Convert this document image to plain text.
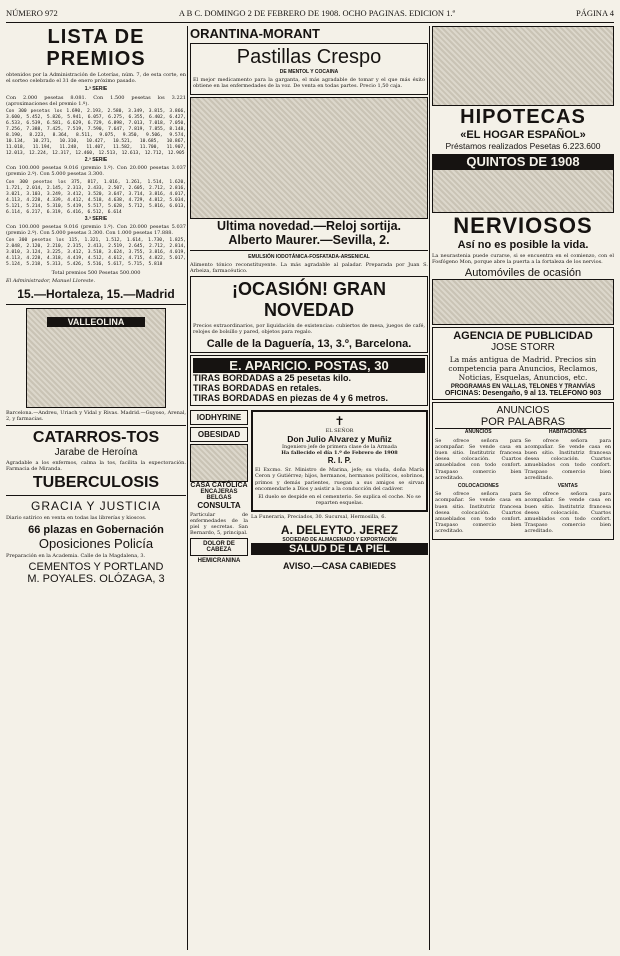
NÚMERO 972	A B C. DOMINGO 2 DE FEBRERO DE 1908. OCHO PAGINAS. EDICION 1.ª	PÁGINA 4
LISTA DE PREMIOS
obtenidos por la Administración de Loterías, núm. 7, de esta corte, en el sorteo celebrado el 31 de enero próximo pasado.
1.ª SERIE
Con 2.000 pesetas 8.081. Con 1.500 pesetas los 3.221 (aproximaciones del premio 1.º).
Con 300 pesetas los 1.690, 2.193, 2.580, 3.349, 3.815, 3.866, 3.600, 5.452, 5.826, 5.941, 6.057, 6.275, 6.355, 6.402, 6.427, 6.533, 6.539, 6.581, 6.629, 6.729, 6.898, 7.013, 7.018, 7.050, 7.256, 7.388, 7.425, 7.519, 7.590, 7.647, 7.819, 7.855, 8.148, 8.190, 8.223, 8.364, 8.511, 9.075, 9.350, 9.506, 9.574, 10.134, 10.271, 10.310, 10.427, 10.521, 10.685, 10.867, 11.018, 11.194, 11.248, 11.407, 11.582, 11.700, 11.907, 12.013, 12.224, 12.317, 12.460, 12.513, 12.613, 12.712, 12.905
2.ª SERIE
Con 100.000 pesetas 9.016 (premio 1.º). Con 20.000 pesetas 3.037 (premio 2.º). Con 5.000 pesetas 3.300.
Con 300 pesetas los 375, 817, 1.016, 1.261, 1.514, 1.620, 1.721, 2.014, 2.145, 2.313, 2.433, 2.507, 2.605, 2.712, 2.816, 3.021, 3.103, 3.249, 3.412, 3.520, 3.647, 3.714, 3.816, 4.017, 4.113, 4.228, 4.339, 4.412, 4.518, 4.638, 4.729, 4.812, 5.034, 5.121, 5.214, 5.310, 5.419, 5.517, 5.628, 5.712, 5.816, 6.013, 6.114, 6.217, 6.319, 6.416, 6.512, 6.614
3.ª SERIE
Con 100.000 pesetas 9.016 (premio 1.º). Con 20.000 pesetas 5.037 (premio 2.º). Con 5.000 pesetas 3.300. Con 1.000 pesetas 17.888.
Con 300 pesetas los 115, 1.321, 1.512, 1.614, 1.730, 1.825, 2.048, 2.120, 2.210, 2.315, 2.413, 2.519, 2.645, 2.712, 2.814, 3.010, 3.124, 3.225, 3.412, 3.518, 3.624, 3.755, 3.816, 4.019, 4.113, 4.228, 4.318, 4.419, 4.512, 4.612, 4.715, 4.822, 5.017, 5.124, 5.218, 5.313, 5.426, 5.516, 5.617, 5.715, 5.818
Total premios 500 Pesetas 500.000
El Administrador, Manuel Lloreste.
15.—Hortaleza, 15.—Madrid
VALLEOLINA
Barcelona.—Andreu, Uriach y Vidal y Rivas. Madrid.—Guyoso, Arenal, 2, y farmacias.
CATARROS-TOS
Jarabe de Heroína
Agradable a los enfermos, calma la tos, facilita la expectoración. Farmacia de Miranda.
TUBERCULOSIS
GRACIA Y JUSTICIA
Diario satírico en venta en todas las librerías y kioscos.
66 plazas en Gobernación
Oposiciones Policía
Preparación en la Academia. Calle de la Magdalena, 3.
CEMENTOS Y PORTLAND
M. POYALES. OLÓZAGA, 3
ORANTINA-MORANT
Pastillas Crespo
DE MENTOL Y COCAINA
El mejor medicamento para la garganta, el más agradable de tomar y el que más éxito obtiene en las enfermedades de la voz. De venta en todas partes. Precio 1,50 caja.
Ultima novedad.—Reloj sortija.
Alberto Maurer.—Sevilla, 2.
EMULSIÓN IODOTÁNICA-FOSFATADA-ARSENICAL
Alimento tónico reconstituyente. La más agradable al paladar. Preparada por Juan S. Arbeiza, farmacéutico.
¡OCASIÓN! GRAN NOVEDAD
Precios extraordinarios, por liquidación de existencias: cubiertos de mesa, juegos de café, relojes de bolsillo y pared, objetos para regalo.
Calle de la Daguería, 13, 3.º, Barcelona.
E. APARICIO. POSTAS, 30
TIRAS BORDADAS a 25 pesetas kilo.
TIRAS BORDADAS en retales.
TIRAS BORDADAS en piezas de 4 y 6 metros.
IODHYRINE
OBESIDAD
CASA CATÓLICA
ENCAJERAS BELGAS
CONSULTA
Particular de enfermedades de la piel y secretas. San Bernardo, 5, principal.
DOLOR DE CABEZA
HEMICRANINA
✝
EL SEÑOR
Don Julio Alvarez y Muñiz
Ingeniero jefe de primera clase de la Armada
Ha fallecido el día 1.º de Febrero de 1908
R. I. P.
El Excmo. Sr. Ministro de Marina, jefe; su viuda, doña María Ceron y Gutiérrez; hijos, hermanos, hermanos políticos, sobrinos, primos y demás parientes, ruegan a sus amigos se sirvan encomendarle a Dios y asistir a la conducción del cadáver.
El duelo se despide en el cementerio. Se suplica el coche. No se reparten esquelas.
La Funeraria, Preciados, 30. Sucursal, Hermosilla, 6.
A. DELEYTO. JEREZ
SOCIEDAD DE ALMACENADO Y EXPORTACIÓN
SALUD DE LA PIEL
AVISO.—CASA CABIEDES
HIPOTECAS
«EL HOGAR ESPAÑOL»
Préstamos realizados Pesetas 6.223.600
QUINTOS DE 1908
NERVIOSOS
Así no es posible la vida.
La neurastenia puede curarse, si se encuentra en el comienzo, con el Fosfógeno Mon, porque abre la puerta a la fortaleza de los nervios.
Automóviles de ocasión
AGENCIA DE PUBLICIDAD
JOSE STORR
La más antigua de Madrid. Precios sin competencia para Anuncios, Reclamos, Noticias, Esquelas, Anuncios, etc.
PROGRAMAS EN VALLAS, TELONES Y TRANVÍAS
OFICINAS: Desengaño, 9 al 13. TELÉFONO 903
ANUNCIOS
POR PALABRAS
ANUNCIOS
Se ofrece señora para acompañar. Se vende casa en buen sitio. Institutriz francesa desea colocación. Cuartos amueblados con todo confort. Traspaso comercio bien acreditado.
COLOCACIONES
Se ofrece señora para acompañar. Se vende casa en buen sitio. Institutriz francesa desea colocación. Cuartos amueblados con todo confort. Traspaso comercio bien acreditado.
HABITACIONES
Se ofrece señora para acompañar. Se vende casa en buen sitio. Institutriz francesa desea colocación. Cuartos amueblados con todo confort. Traspaso comercio bien acreditado.
VENTAS
Se ofrece señora para acompañar. Se vende casa en buen sitio. Institutriz francesa desea colocación. Cuartos amueblados con todo confort. Traspaso comercio bien acreditado.
